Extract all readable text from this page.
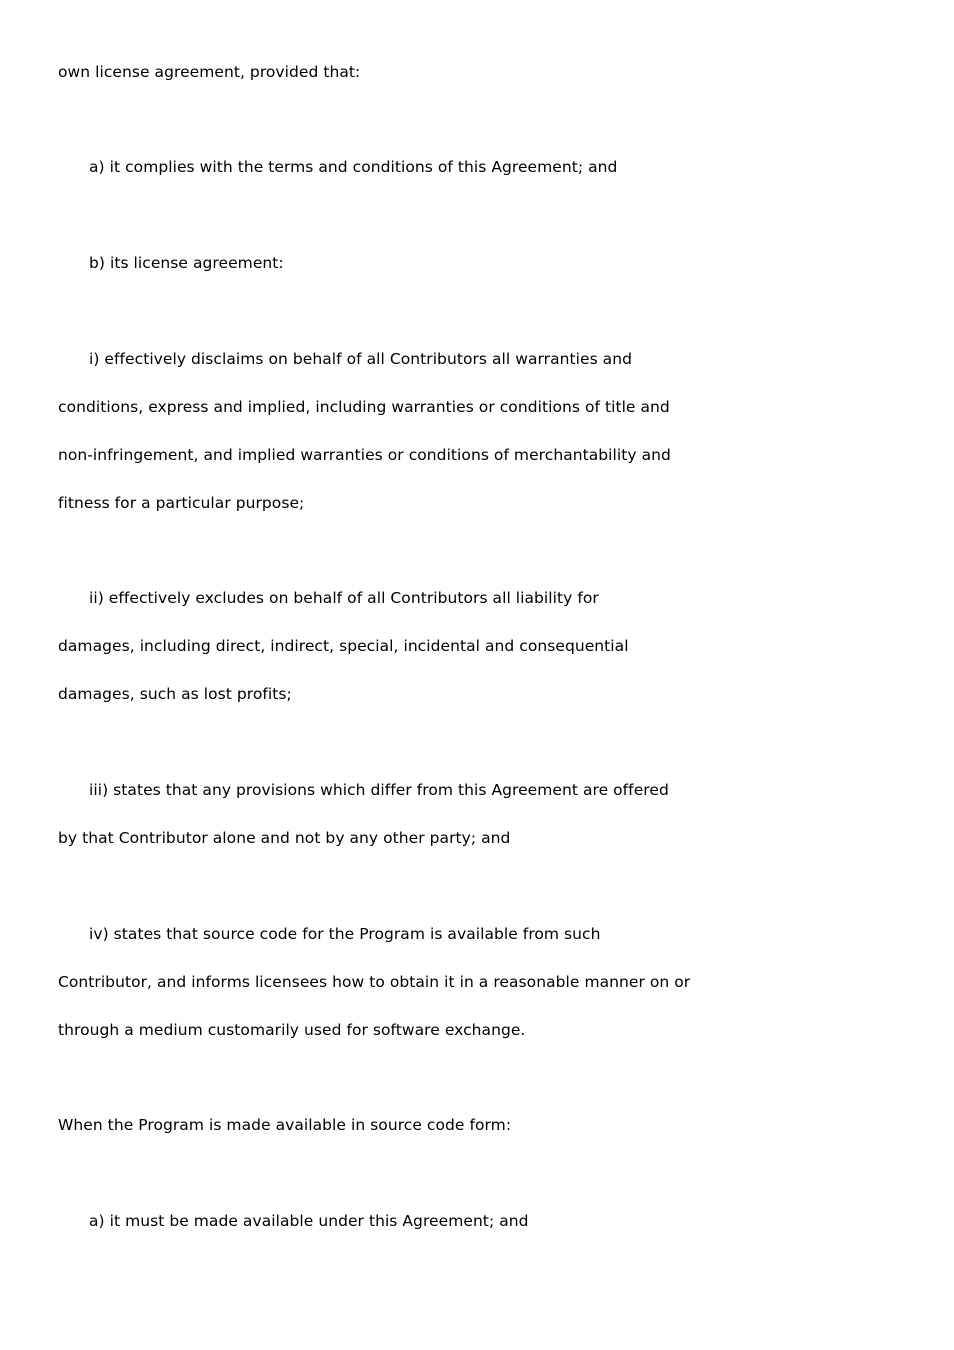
own license agreement, provided that:
a) it complies with the terms and conditions of this Agreement; and
b) its license agreement:
i) effectively disclaims on behalf of all Contributors all warranties and
conditions, express and implied, including warranties or conditions of title and
non-infringement, and implied warranties or conditions of merchantability and
fitness for a particular purpose;
ii) effectively excludes on behalf of all Contributors all liability for
damages, including direct, indirect, special, incidental and consequential
damages, such as lost profits;
iii) states that any provisions which differ from this Agreement are offered
by that Contributor alone and not by any other party; and
iv) states that source code for the Program is available from such
Contributor, and informs licensees how to obtain it in a reasonable manner on or
through a medium customarily used for software exchange.
When the Program is made available in source code form:
a) it must be made available under this Agreement; and
